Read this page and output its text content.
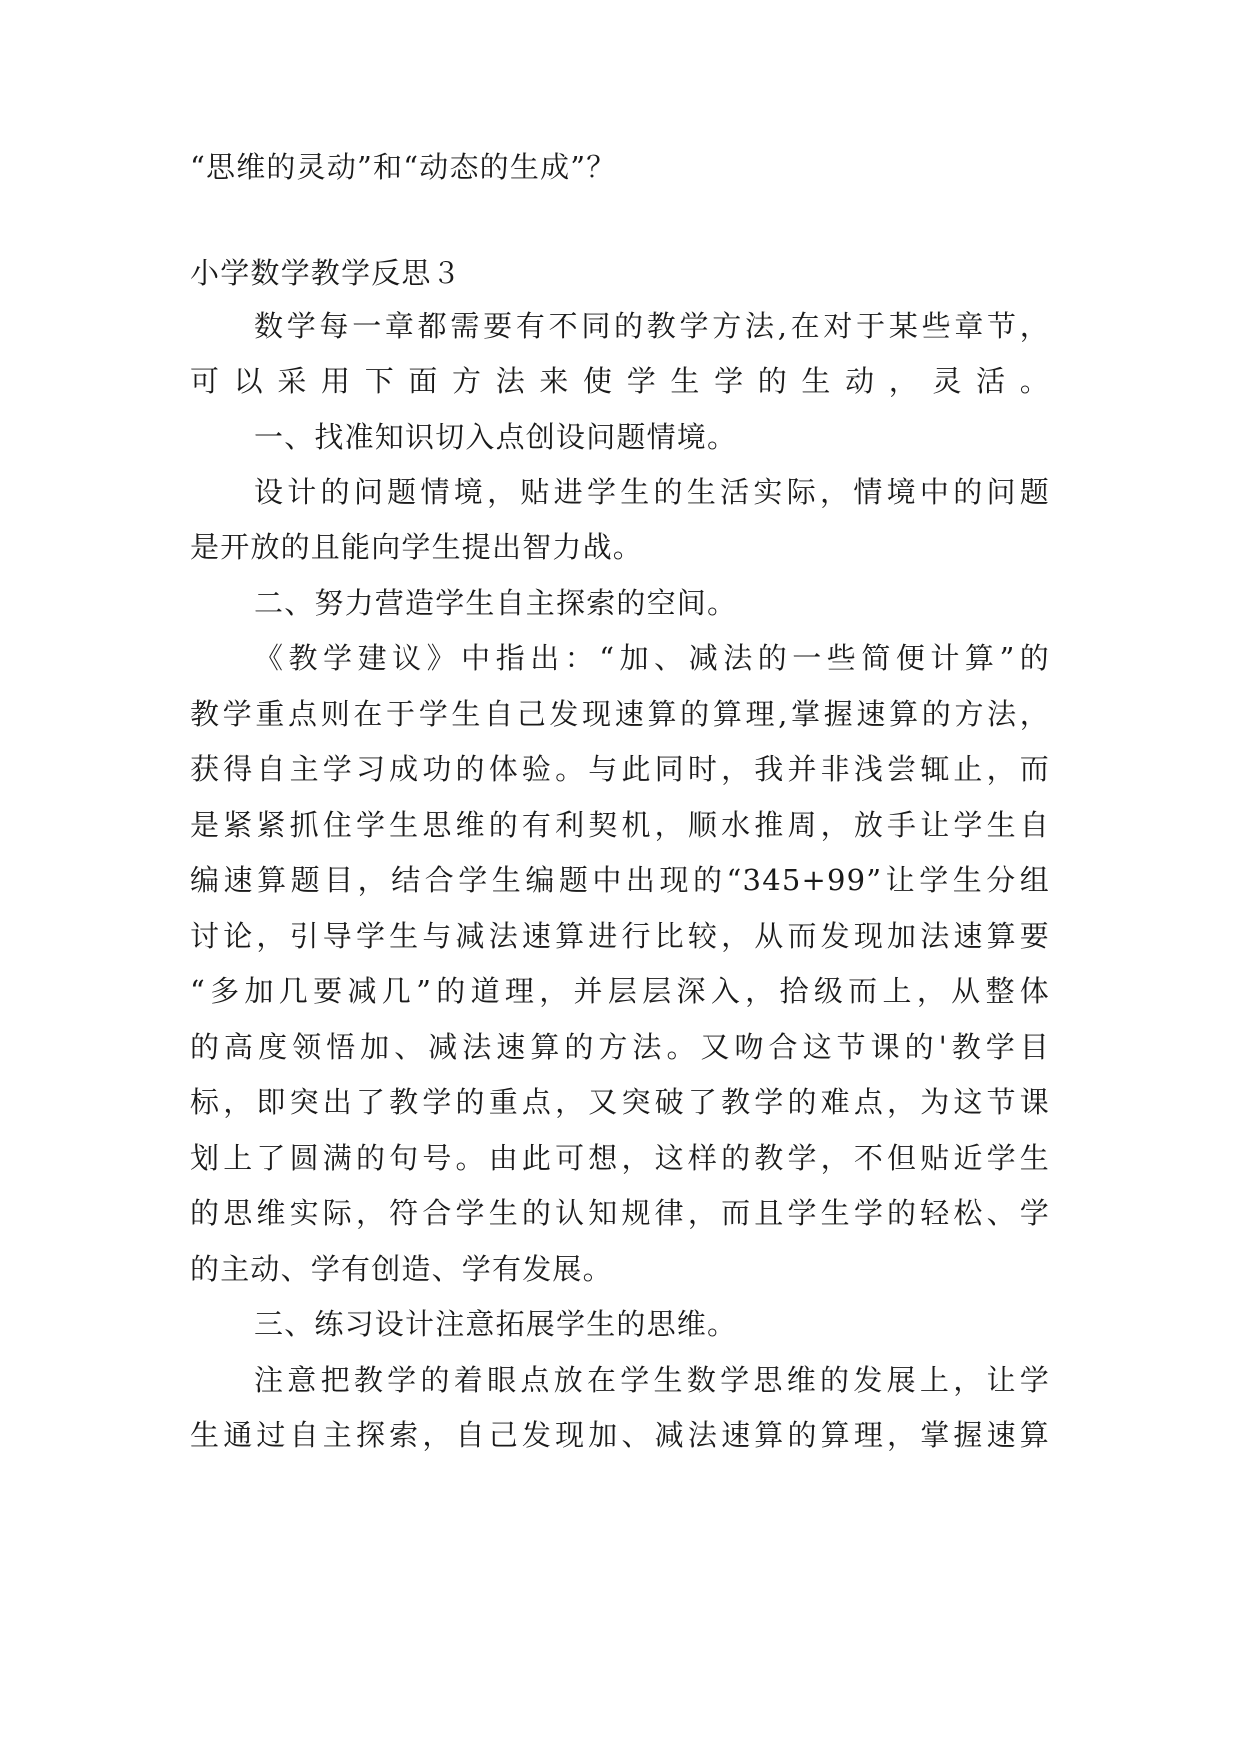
“思维的灵动”和“动态的生成”？
小学数学教学反思３
数学每一章都需要有不同的教学方法,在对于某些章节，
可以采用下面方法来使学生学的生动，灵活。
一、找准知识切入点创设问题情境。
设计的问题情境，贴进学生的生活实际，情境中的问题
是开放的且能向学生提出智力战。
二、努力营造学生自主探索的空间。
《教学建议》中指出：“加、减法的一些简便计算”的
教学重点则在于学生自己发现速算的算理,掌握速算的方法，
获得自主学习成功的体验。与此同时，我并非浅尝辄止，而
是紧紧抓住学生思维的有利契机，顺水推周，放手让学生自
编速算题目，结合学生编题中出现的“345+99”让学生分组
讨论，引导学生与减法速算进行比较，从而发现加法速算要
“多加几要减几”的道理，并层层深入，拾级而上，从整体
的高度领悟加、减法速算的方法。又吻合这节课的'教学目
标，即突出了教学的重点，又突破了教学的难点，为这节课
划上了圆满的句号。由此可想，这样的教学，不但贴近学生
的思维实际，符合学生的认知规律，而且学生学的轻松、学
的主动、学有创造、学有发展。
三、练习设计注意拓展学生的思维。
注意把教学的着眼点放在学生数学思维的发展上，让学
生通过自主探索，自己发现加、减法速算的算理，掌握速算
